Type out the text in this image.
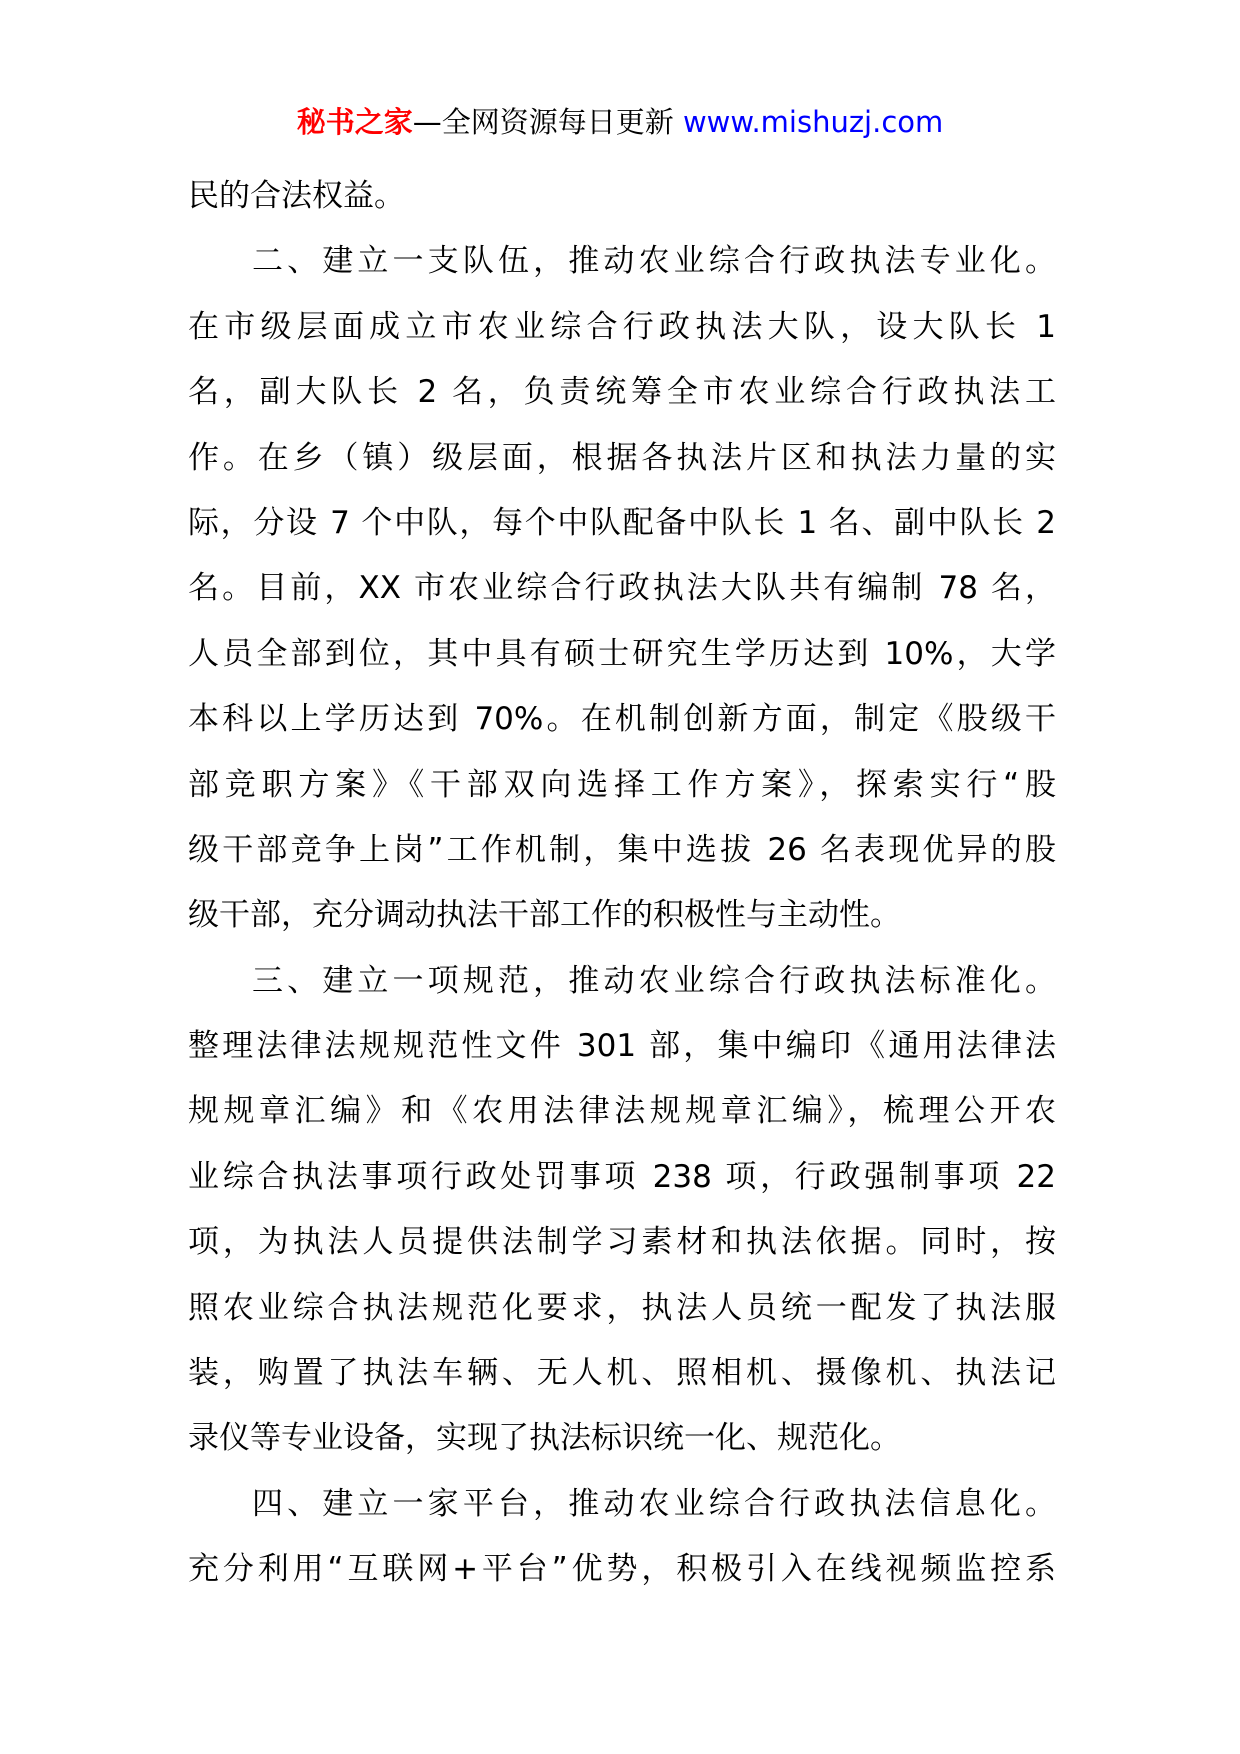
秘书之家—全网资源每日更新 www.mishuzj.com
民的合法权益。
二、建立一支队伍，推动农业综合行政执法专业化。
在市级层面成立市农业综合行政执法大队，设大队长 1
名，副大队长 2 名，负责统筹全市农业综合行政执法工
作。在乡（镇）级层面，根据各执法片区和执法力量的实
际，分设 7 个中队，每个中队配备中队长 1 名、副中队长 2
名。目前，XX 市农业综合行政执法大队共有编制 78 名，
人员全部到位，其中具有硕士研究生学历达到 10%，大学
本科以上学历达到 70%。在机制创新方面，制定《股级干
部竞职方案》《干部双向选择工作方案》，探索实行“股
级干部竞争上岗”工作机制，集中选拔 26 名表现优异的股
级干部，充分调动执法干部工作的积极性与主动性。
三、建立一项规范，推动农业综合行政执法标准化。
整理法律法规规范性文件 301 部，集中编印《通用法律法
规规章汇编》和《农用法律法规规章汇编》，梳理公开农
业综合执法事项行政处罚事项 238 项，行政强制事项 22
项，为执法人员提供法制学习素材和执法依据。同时，按
照农业综合执法规范化要求，执法人员统一配发了执法服
装，购置了执法车辆、无人机、照相机、摄像机、执法记
录仪等专业设备，实现了执法标识统一化、规范化。
四、建立一家平台，推动农业综合行政执法信息化。
充分利用“互联网+平台”优势，积极引入在线视频监控系
